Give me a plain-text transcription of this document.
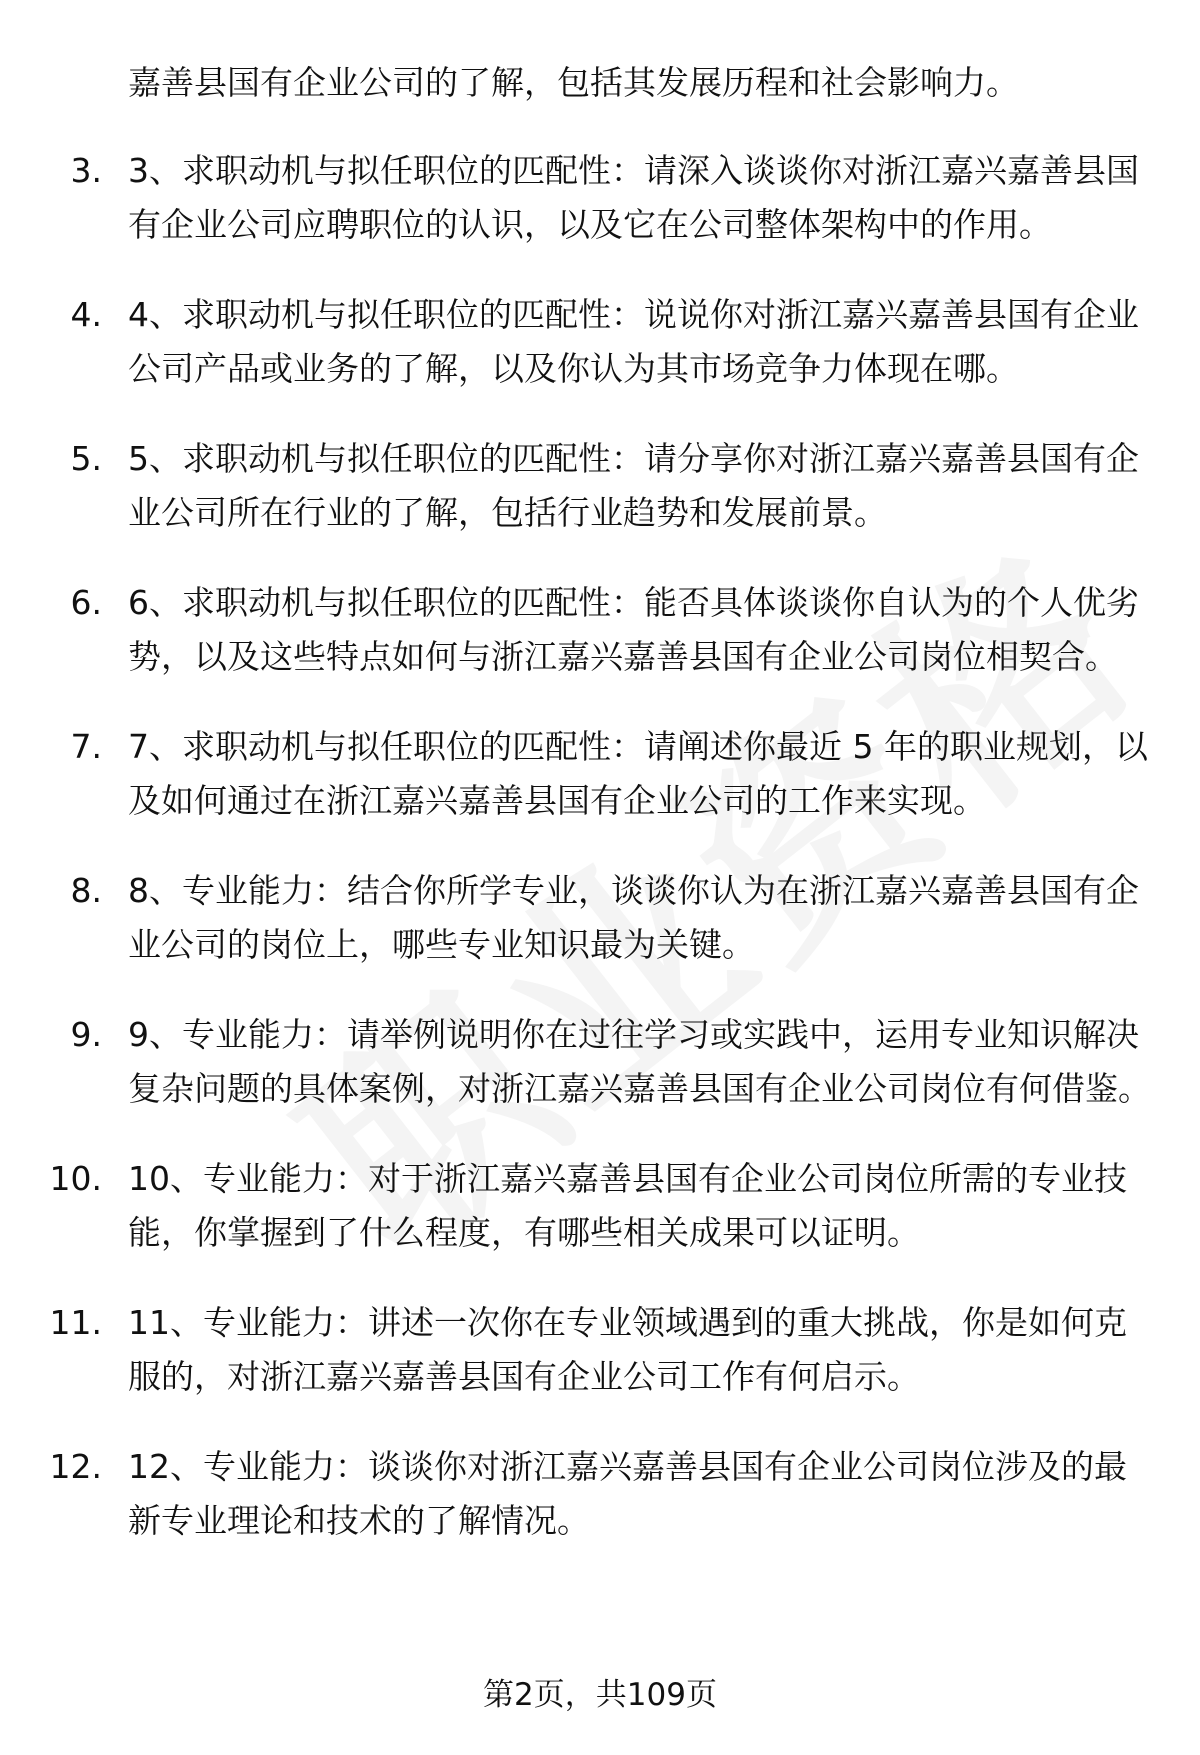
嘉善县国有企业公司的了解，包括其发展历程和社会影响力。
3. 3、求职动机与拟任职位的匹配性：请深入谈谈你对浙江嘉兴嘉善县国有企业公司应聘职位的认识，以及它在公司整体架构中的作用。
4. 4、求职动机与拟任职位的匹配性：说说你对浙江嘉兴嘉善县国有企业公司产品或业务的了解，以及你认为其市场竞争力体现在哪。
5. 5、求职动机与拟任职位的匹配性：请分享你对浙江嘉兴嘉善县国有企业公司所在行业的了解，包括行业趋势和发展前景。
6. 6、求职动机与拟任职位的匹配性：能否具体谈谈你自认为的个人优劣势，以及这些特点如何与浙江嘉兴嘉善县国有企业公司岗位相契合。
7. 7、求职动机与拟任职位的匹配性：请阐述你最近 5 年的职业规划，以及如何通过在浙江嘉兴嘉善县国有企业公司的工作来实现。
8. 8、专业能力：结合你所学专业，谈谈你认为在浙江嘉兴嘉善县国有企业公司的岗位上，哪些专业知识最为关键。
9. 9、专业能力：请举例说明你在过往学习或实践中，运用专业知识解决复杂问题的具体案例，对浙江嘉兴嘉善县国有企业公司岗位有何借鉴。
10. 10、专业能力：对于浙江嘉兴嘉善县国有企业公司岗位所需的专业技能，你掌握到了什么程度，有哪些相关成果可以证明。
11. 11、专业能力：讲述一次你在专业领域遇到的重大挑战，你是如何克服的，对浙江嘉兴嘉善县国有企业公司工作有何启示。
12. 12、专业能力：谈谈你对浙江嘉兴嘉善县国有企业公司岗位涉及的最新专业理论和技术的了解情况。
第2页，共109页
